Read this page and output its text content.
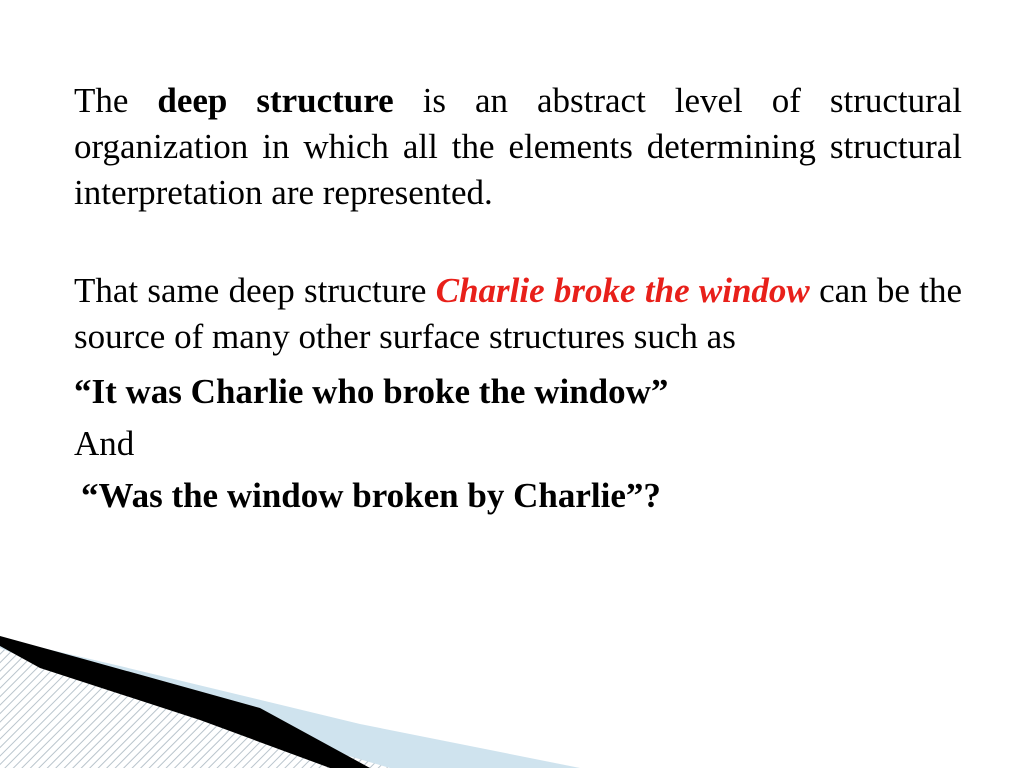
The deep structure is an abstract level of structural organization in which all the elements determining structural interpretation are represented.

That same deep structure Charlie broke the window can be the source of many other surface structures such as

“It was Charlie who broke the window”

And

“Was the window broken by Charlie”?
